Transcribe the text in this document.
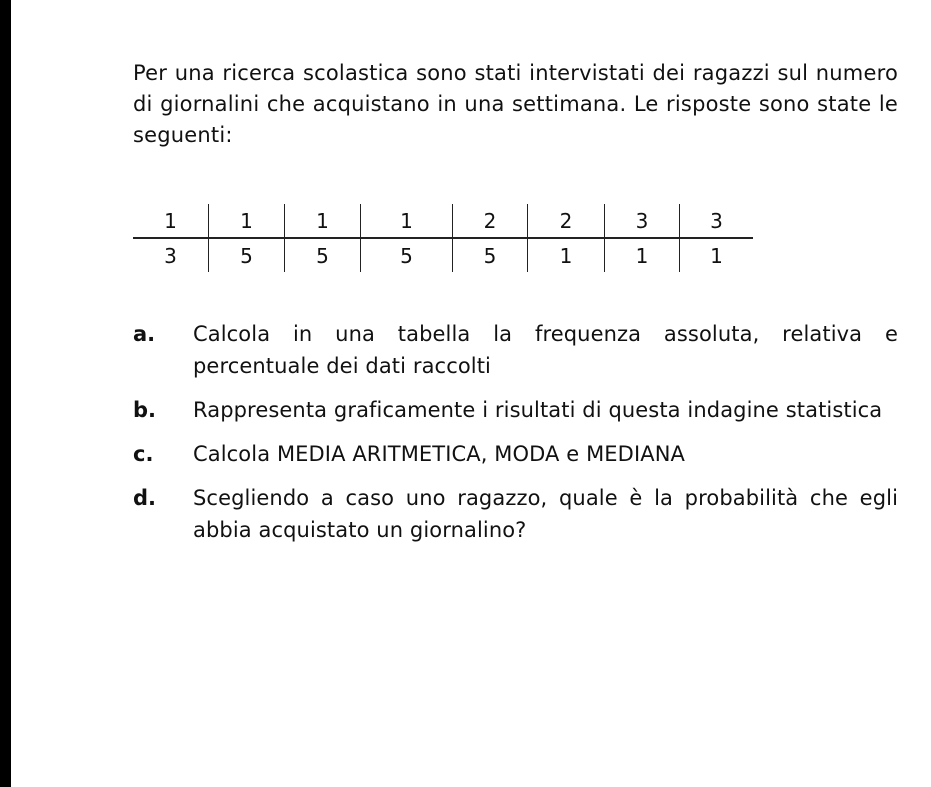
Per una ricerca scolastica sono stati intervistati dei ragazzi sul numero di giornalini che acquistano in una settimana. Le risposte sono state le seguenti:

1	1	1	1	2	2	3	3
3	5	5	5	5	1	1	1
a. Calcola in una tabella la frequenza assoluta, relativa e percentuale dei dati raccolti
b. Rappresenta graficamente i risultati di questa indagine statistica
c. Calcola MEDIA ARITMETICA, MODA e MEDIANA
d. Scegliendo a caso uno ragazzo, quale è la probabilità che egli abbia acquistato un giornalino?
